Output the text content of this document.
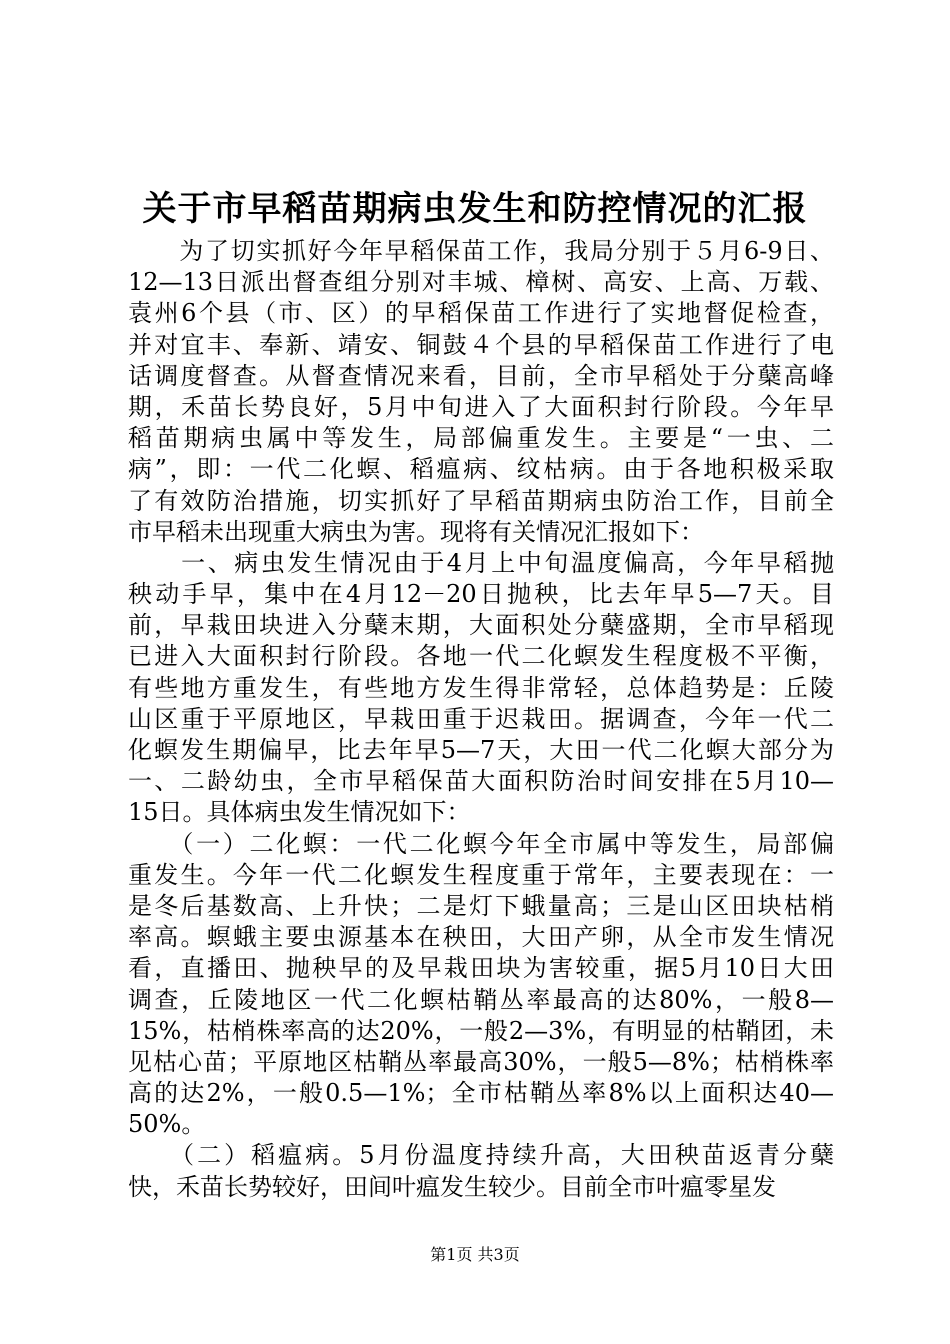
关于市早稻苗期病虫发生和防控情况的汇报
　　为了切实抓好今年早稻保苗工作，我局分别于５月6-9日、
12—13日派出督查组分别对丰城、樟树、高安、上高、万载、
袁州6个县（市、区）的早稻保苗工作进行了实地督促检查，
并对宜丰、奉新、靖安、铜鼓４个县的早稻保苗工作进行了电
话调度督查。从督查情况来看，目前，全市早稻处于分蘖高峰
期，禾苗长势良好，5月中旬进入了大面积封行阶段。今年早
稻苗期病虫属中等发生，局部偏重发生。主要是“一虫、二
病”，即：一代二化螟、稻瘟病、纹枯病。由于各地积极采取
了有效防治措施，切实抓好了早稻苗期病虫防治工作，目前全
市早稻未出现重大病虫为害。现将有关情况汇报如下：
　　一、病虫发生情况由于4月上中旬温度偏高，今年早稻抛
秧动手早，集中在4月12－20日抛秧，比去年早5—7天。目
前，早栽田块进入分蘖末期，大面积处分蘖盛期，全市早稻现
已进入大面积封行阶段。各地一代二化螟发生程度极不平衡，
有些地方重发生，有些地方发生得非常轻，总体趋势是：丘陵
山区重于平原地区，早栽田重于迟栽田。据调查，今年一代二
化螟发生期偏早，比去年早5—7天，大田一代二化螟大部分为
一、二龄幼虫，全市早稻保苗大面积防治时间安排在5月10—
15日。具体病虫发生情况如下：
　　（一）二化螟：一代二化螟今年全市属中等发生，局部偏
重发生。今年一代二化螟发生程度重于常年，主要表现在：一
是冬后基数高、上升快；二是灯下蛾量高；三是山区田块枯梢
率高。螟蛾主要虫源基本在秧田，大田产卵，从全市发生情况
看，直播田、抛秧早的及早栽田块为害较重，据5月10日大田
调查，丘陵地区一代二化螟枯鞘丛率最高的达80%，一般8—
15%，枯梢株率高的达20%，一般2—3%，有明显的枯鞘团，未
见枯心苗；平原地区枯鞘丛率最高30%，一般5—8%；枯梢株率
高的达2%，一般0.5—1%；全市枯鞘丛率8%以上面积达40—
50%。
　　（二）稻瘟病。5月份温度持续升高，大田秧苗返青分蘖
快，禾苗长势较好，田间叶瘟发生较少。目前全市叶瘟零星发
第1页 共3页
